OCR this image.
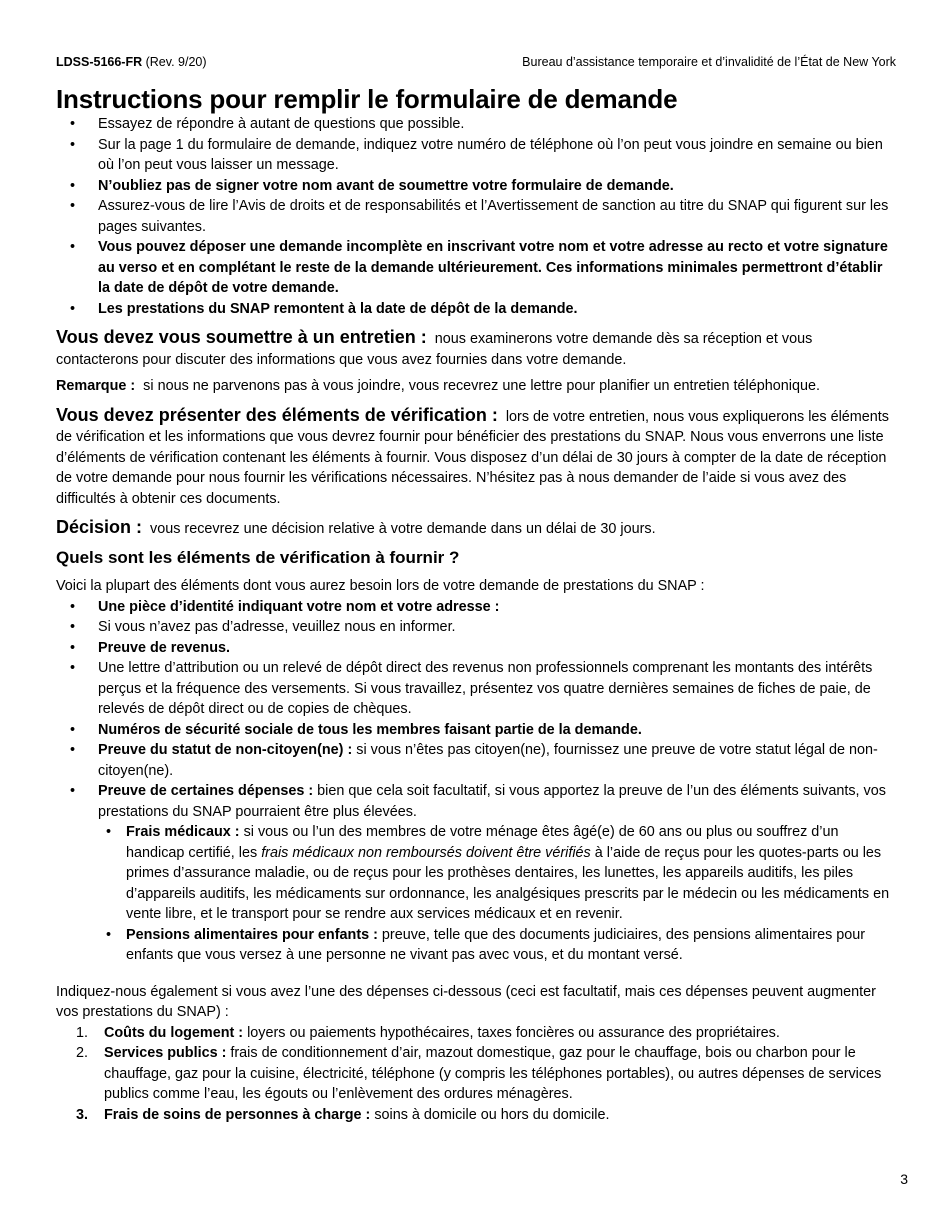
LDSS-5166-FR (Rev. 9/20)	Bureau d’assistance temporaire et d’invalidité de l’État de New York
Instructions pour remplir le formulaire de demande
• Essayez de répondre à autant de questions que possible.
• Sur la page 1 du formulaire de demande, indiquez votre numéro de téléphone où l’on peut vous joindre en semaine ou bien où l’on peut vous laisser un message.
• N’oubliez pas de signer votre nom avant de soumettre votre formulaire de demande.
• Assurez-vous de lire l’Avis de droits et de responsabilités et l’Avertissement de sanction au titre du SNAP qui figurent sur les pages suivantes.
• Vous pouvez déposer une demande incomplète en inscrivant votre nom et votre adresse au recto et votre signature au verso et en complétant le reste de la demande ultérieurement. Ces informations minimales permettront d’établir la date de dépôt de votre demande.
• Les prestations du SNAP remontent à la date de dépôt de la demande.

Vous devez vous soumettre à un entretien : nous examinerons votre demande dès sa réception et vous contacterons pour discuter des informations que vous avez fournies dans votre demande.

Remarque : si nous ne parvenons pas à vous joindre, vous recevrez une lettre pour planifier un entretien téléphonique.

Vous devez présenter des éléments de vérification : lors de votre entretien, nous vous expliquerons les éléments de vérification et les informations que vous devrez fournir pour bénéficier des prestations du SNAP. Nous vous enverrons une liste d’éléments de vérification contenant les éléments à fournir. Vous disposez d’un délai de 30 jours à compter de la date de réception de votre demande pour nous fournir les vérifications nécessaires. N’hésitez pas à nous demander de l’aide si vous avez des difficultés à obtenir ces documents.

Décision : vous recevrez une décision relative à votre demande dans un délai de 30 jours.

Quels sont les éléments de vérification à fournir ?

Voici la plupart des éléments dont vous aurez besoin lors de votre demande de prestations du SNAP :

• Une pièce d’identité indiquant votre nom et votre adresse :
• Si vous n’avez pas d’adresse, veuillez nous en informer.
• Preuve de revenus.
• Une lettre d’attribution ou un relevé de dépôt direct des revenus non professionnels comprenant les montants des intérêts perçus et la fréquence des versements. Si vous travaillez, présentez vos quatre dernières semaines de fiches de paie, de relevés de dépôt direct ou de copies de chèques.
• Numéros de sécurité sociale de tous les membres faisant partie de la demande.
• Preuve du statut de non-citoyen(ne) : si vous n’êtes pas citoyen(ne), fournissez une preuve de votre statut légal de non-citoyen(ne).
• Preuve de certaines dépenses : bien que cela soit facultatif, si vous apportez la preuve de l’un des éléments suivants, vos prestations du SNAP pourraient être plus élevées.
• Frais médicaux : si vous ou l’un des membres de votre ménage êtes âgé(e) de 60 ans ou plus ou souffrez d’un handicap certifié, les frais médicaux non remboursés doivent être vérifiés à l’aide de reçus pour les quotes-parts ou les primes d’assurance maladie, ou de reçus pour les prothèses dentaires, les lunettes, les appareils auditifs, les piles d’appareils auditifs, les médicaments sur ordonnance, les analgésiques prescrits par le médecin ou les médicaments en vente libre, et le transport pour se rendre aux services médicaux et en revenir.
• Pensions alimentaires pour enfants : preuve, telle que des documents judiciaires, des pensions alimentaires pour enfants que vous versez à une personne ne vivant pas avec vous, et du montant versé.

Indiquez-nous également si vous avez l’une des dépenses ci-dessous (ceci est facultatif, mais ces dépenses peuvent augmenter vos prestations du SNAP) :

1. Coûts du logement : loyers ou paiements hypothécaires, taxes foncières ou assurance des propriétaires.
2. Services publics : frais de conditionnement d’air, mazout domestique, gaz pour le chauffage, bois ou charbon pour le chauffage, gaz pour la cuisine, électricité, téléphone (y compris les téléphones portables), ou autres dépenses de services publics comme l’eau, les égouts ou l’enlèvement des ordures ménagères.
3. Frais de soins de personnes à charge : soins à domicile ou hors du domicile.
3
